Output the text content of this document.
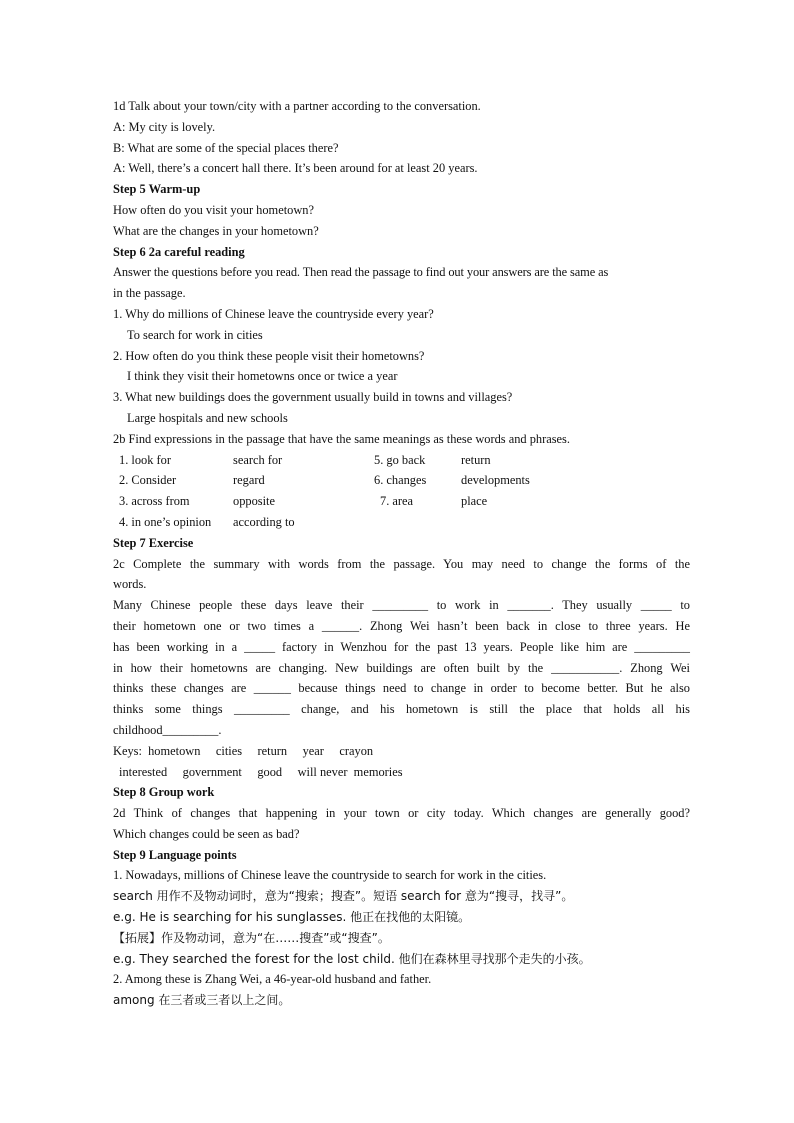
1d Talk about your town/city with a partner according to the conversation.
A: My city is lovely.
B: What are some of the special places there?
A: Well, there’s a concert hall there. It’s been around for at least 20 years.
Step 5 Warm-up
How often do you visit your hometown?
What are the changes in your hometown?
Step 6 2a careful reading
Answer the questions before you read. Then read the passage to find out your answers are the same as
in the passage.
1. Why do millions of Chinese leave the countryside every year?
To search for work in cities
2. How often do you think these people visit their hometowns?
I think they visit their hometowns once or twice a year
3. What new buildings does the government usually build in towns and villages?
Large hospitals and new schools
2b Find expressions in the passage that have the same meanings as these words and phrases.
1. look for	search for	5. go back	return
2. Consider	regard	6. changes	developments
3. across from	opposite	7. area	place
4. in one’s opinion	according to
Step 7 Exercise
2c Complete the summary with words from the passage. You may need to change the forms of the
words.
Many Chinese people these days leave their _________ to work in _______. They usually _____ to
their hometown one or two times a ______. Zhong Wei hasn’t been back in close to three years. He
has been working in a _____ factory in Wenzhou for the past 13 years. People like him are _________
in how their hometowns are changing. New buildings are often built by the ___________. Zhong Wei
thinks these changes are ______ because things need to change in order to become better. But he also
thinks some things _________ change, and his hometown is still the place that holds all his
childhood_________.
Keys:  hometown     cities     return     year     crayon
interested     government     good     will never  memories
Step 8 Group work
2d Think of changes that happening in your town or city today. Which changes are generally good?
Which changes could be seen as bad?
Step 9 Language points
1. Nowadays, millions of Chinese leave the countryside to search for work in the cities.
search 用作不及物动词时，意为“搜索；搜查”。短语 search for 意为“搜寻，找寻”。
e.g. He is searching for his sunglasses. 他正在找他的太阳镜。
【拓展】作及物动词，意为“在……搜查”或“搜查”。
e.g. They searched the forest for the lost child. 他们在森林里寻找那个走失的小孩。
2. Among these is Zhang Wei, a 46-year-old husband and father.
among 在三者或三者以上之间。
